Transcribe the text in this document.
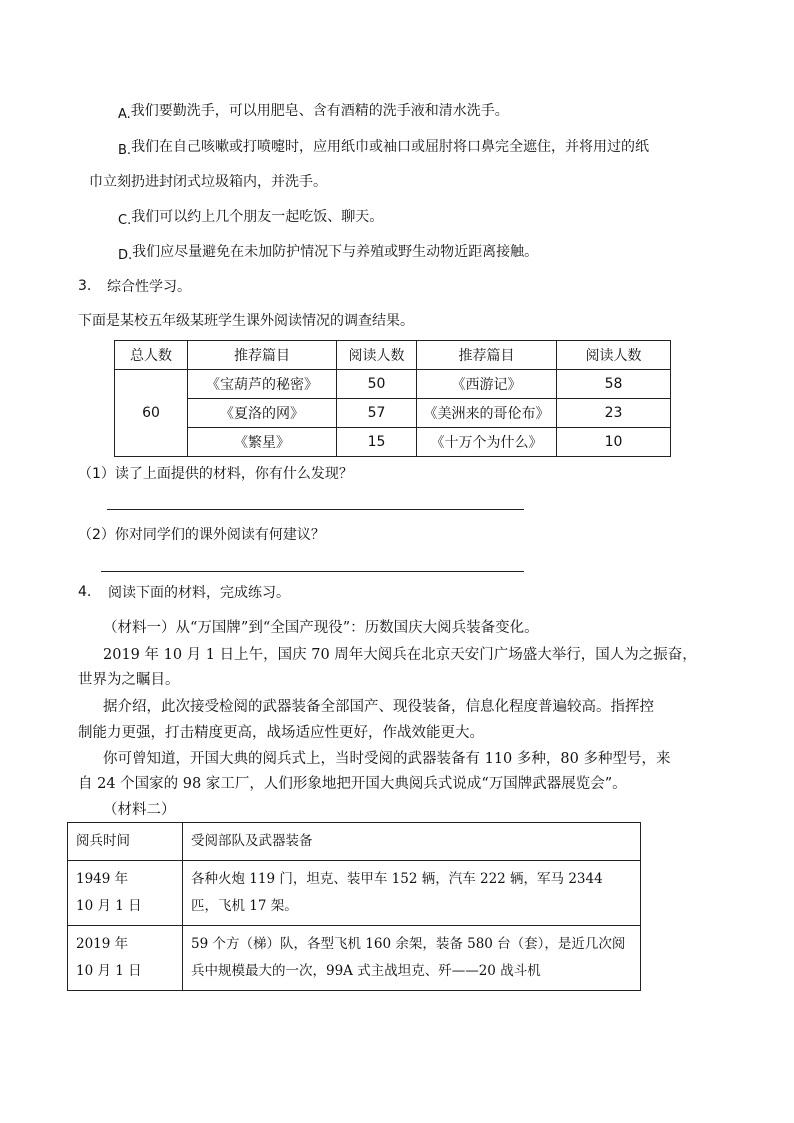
A.我们要勤洗手，可以用肥皂、含有酒精的洗手液和清水洗手。
B.我们在自己咳嗽或打喷嚏时，应用纸巾或袖口或屈肘将口鼻完全遮住，并将用过的纸
巾立刻扔进封闭式垃圾箱内，并洗手。
C.我们可以约上几个朋友一起吃饭、聊天。
D.我们应尽量避免在未加防护情况下与养殖或野生动物近距离接触。
3. 综合性学习。
下面是某校五年级某班学生课外阅读情况的调查结果。
总人数	推荐篇目	阅读人数	推荐篇目	阅读人数
60	《宝葫芦的秘密》	50	《西游记》	58
	《夏洛的网》	57	《美洲来的哥伦布》	23
	《繁星》	15	《十万个为什么》	10
（1）读了上面提供的材料，你有什么发现？
（2）你对同学们的课外阅读有何建议？
4. 阅读下面的材料，完成练习。
（材料一）从“万国牌”到“全国产现役”：历数国庆大阅兵装备变化。
2019 年 10 月 1 日上午，国庆 70 周年大阅兵在北京天安门广场盛大举行，国人为之振奋，
世界为之瞩目。
据介绍，此次接受检阅的武器装备全部国产、现役装备，信息化程度普遍较高。指挥控
制能力更强，打击精度更高，战场适应性更好，作战效能更大。
你可曾知道，开国大典的阅兵式上，当时受阅的武器装备有 110 多种，80 多种型号，来
自 24 个国家的 98 家工厂，人们形象地把开国大典阅兵式说成“万国牌武器展览会”。
（材料二）
阅兵时间	受阅部队及武器装备

1949 年
10 月 1 日	各种火炮 119 门，坦克、装甲车 152 辆，汽车 222 辆，军马 2344 匹，飞机 17 架。

2019 年
10 月 1 日	59 个方（梯）队，各型飞机 160 余架，装备 580 台（套），是近几次阅兵中规模最大的一次，99A 式主战坦克、歼——20 战斗机
